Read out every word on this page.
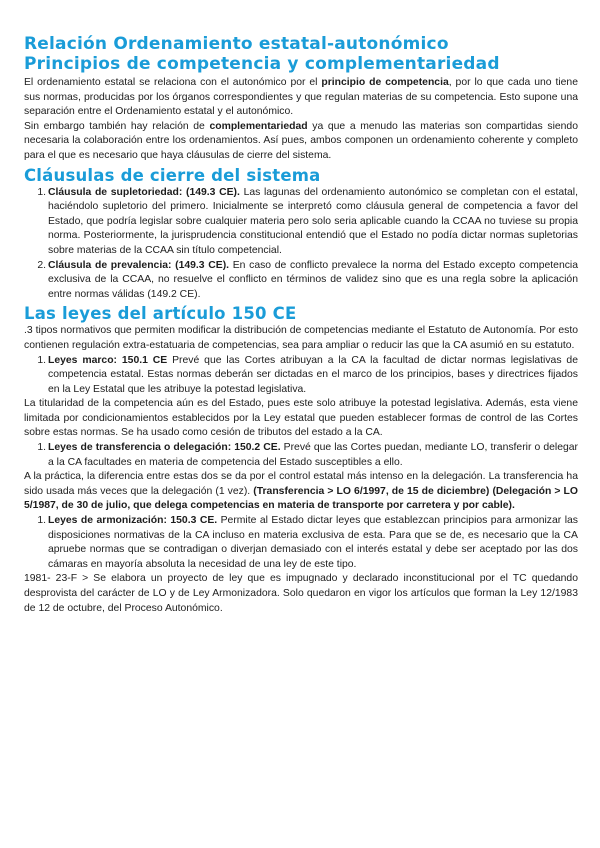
Relación Ordenamiento estatal-autonómico
Principios de competencia y complementariedad

El ordenamiento estatal se relaciona con el autonómico por el principio de competencia, por lo que cada uno tiene sus normas, producidas por los órganos correspondientes y que regulan materias de su competencia. Esto supone una separación entre el Ordenamiento estatal y el autonómico.

Sin embargo también hay relación de complementariedad ya que a menudo las materias son compartidas siendo necesaria la colaboración entre los ordenamientos. Así pues, ambos componen un ordenamiento coherente y completo para el que es necesario que haya cláusulas de cierre del sistema.

Cláusulas de cierre del sistema
1. Cláusula de supletoriedad: (149.3 CE). Las lagunas del ordenamiento autonómico se completan con el estatal, haciéndolo supletorio del primero. Inicialmente se interpretó como cláusula general de competencia a favor del Estado, que podría legislar sobre cualquier materia pero solo seria aplicable cuando la CCAA no tuviese su propia norma. Posteriormente, la jurisprudencia constitucional entendió que el Estado no podía dictar normas supletorias sobre materias de la CCAA sin título competencial.
2. Cláusula de prevalencia: (149.3 CE). En caso de conflicto prevalece la norma del Estado excepto competencia exclusiva de la CCAA, no resuelve el conflicto en términos de validez sino que es una regla sobre la aplicación entre normas válidas (149.2 CE).
Las leyes del artículo 150 CE

.3 tipos normativos que permiten modificar la distribución de competencias mediante el Estatuto de Autonomía. Por esto contienen regulación extra-estatuaria de competencias, sea para ampliar o reducir las que la CA asumió en su estatuto.

1. Leyes marco: 150.1 CE Prevé que las Cortes atribuyan a la CA la facultad de dictar normas legislativas de competencia estatal. Estas normas deberán ser dictadas en el marco de los principios, bases y directrices fijados en la Ley Estatal que les atribuye la potestad legislativa.

La titularidad de la competencia aún es del Estado, pues este solo atribuye la potestad legislativa. Además, esta viene limitada por condicionamientos establecidos por la Ley estatal que pueden establecer formas de control de las Cortes sobre estas normas. Se ha usado como cesión de tributos del estado a la CA.

1. Leyes de transferencia o delegación: 150.2 CE. Prevé que las Cortes puedan, mediante LO, transferir o delegar a la CA facultades en materia de competencia del Estado susceptibles a ello.

A la práctica, la diferencia entre estas dos se da por el control estatal más intenso en la delegación. La transferencia ha sido usada más veces que la delegación (1 vez). (Transferencia > LO 6/1997, de 15 de diciembre) (Delegación > LO 5/1987, de 30 de julio, que delega competencias en materia de transporte por carretera y por cable).

1. Leyes de armonización: 150.3 CE. Permite al Estado dictar leyes que establezcan principios para armonizar las disposiciones normativas de la CA incluso en materia exclusiva de esta. Para que se de, es necesario que la CA apruebe normas que se contradigan o diverjan demasiado con el interés estatal y debe ser aceptado por las dos cámaras en mayoría absoluta la necesidad de una ley de este tipo.

1981- 23-F > Se elabora un proyecto de ley que es impugnado y declarado inconstitucional por el TC quedando desprovista del carácter de LO y de Ley Armonizadora. Solo quedaron en vigor los artículos que forman la Ley 12/1983 de 12 de octubre, del Proceso Autonómico.
